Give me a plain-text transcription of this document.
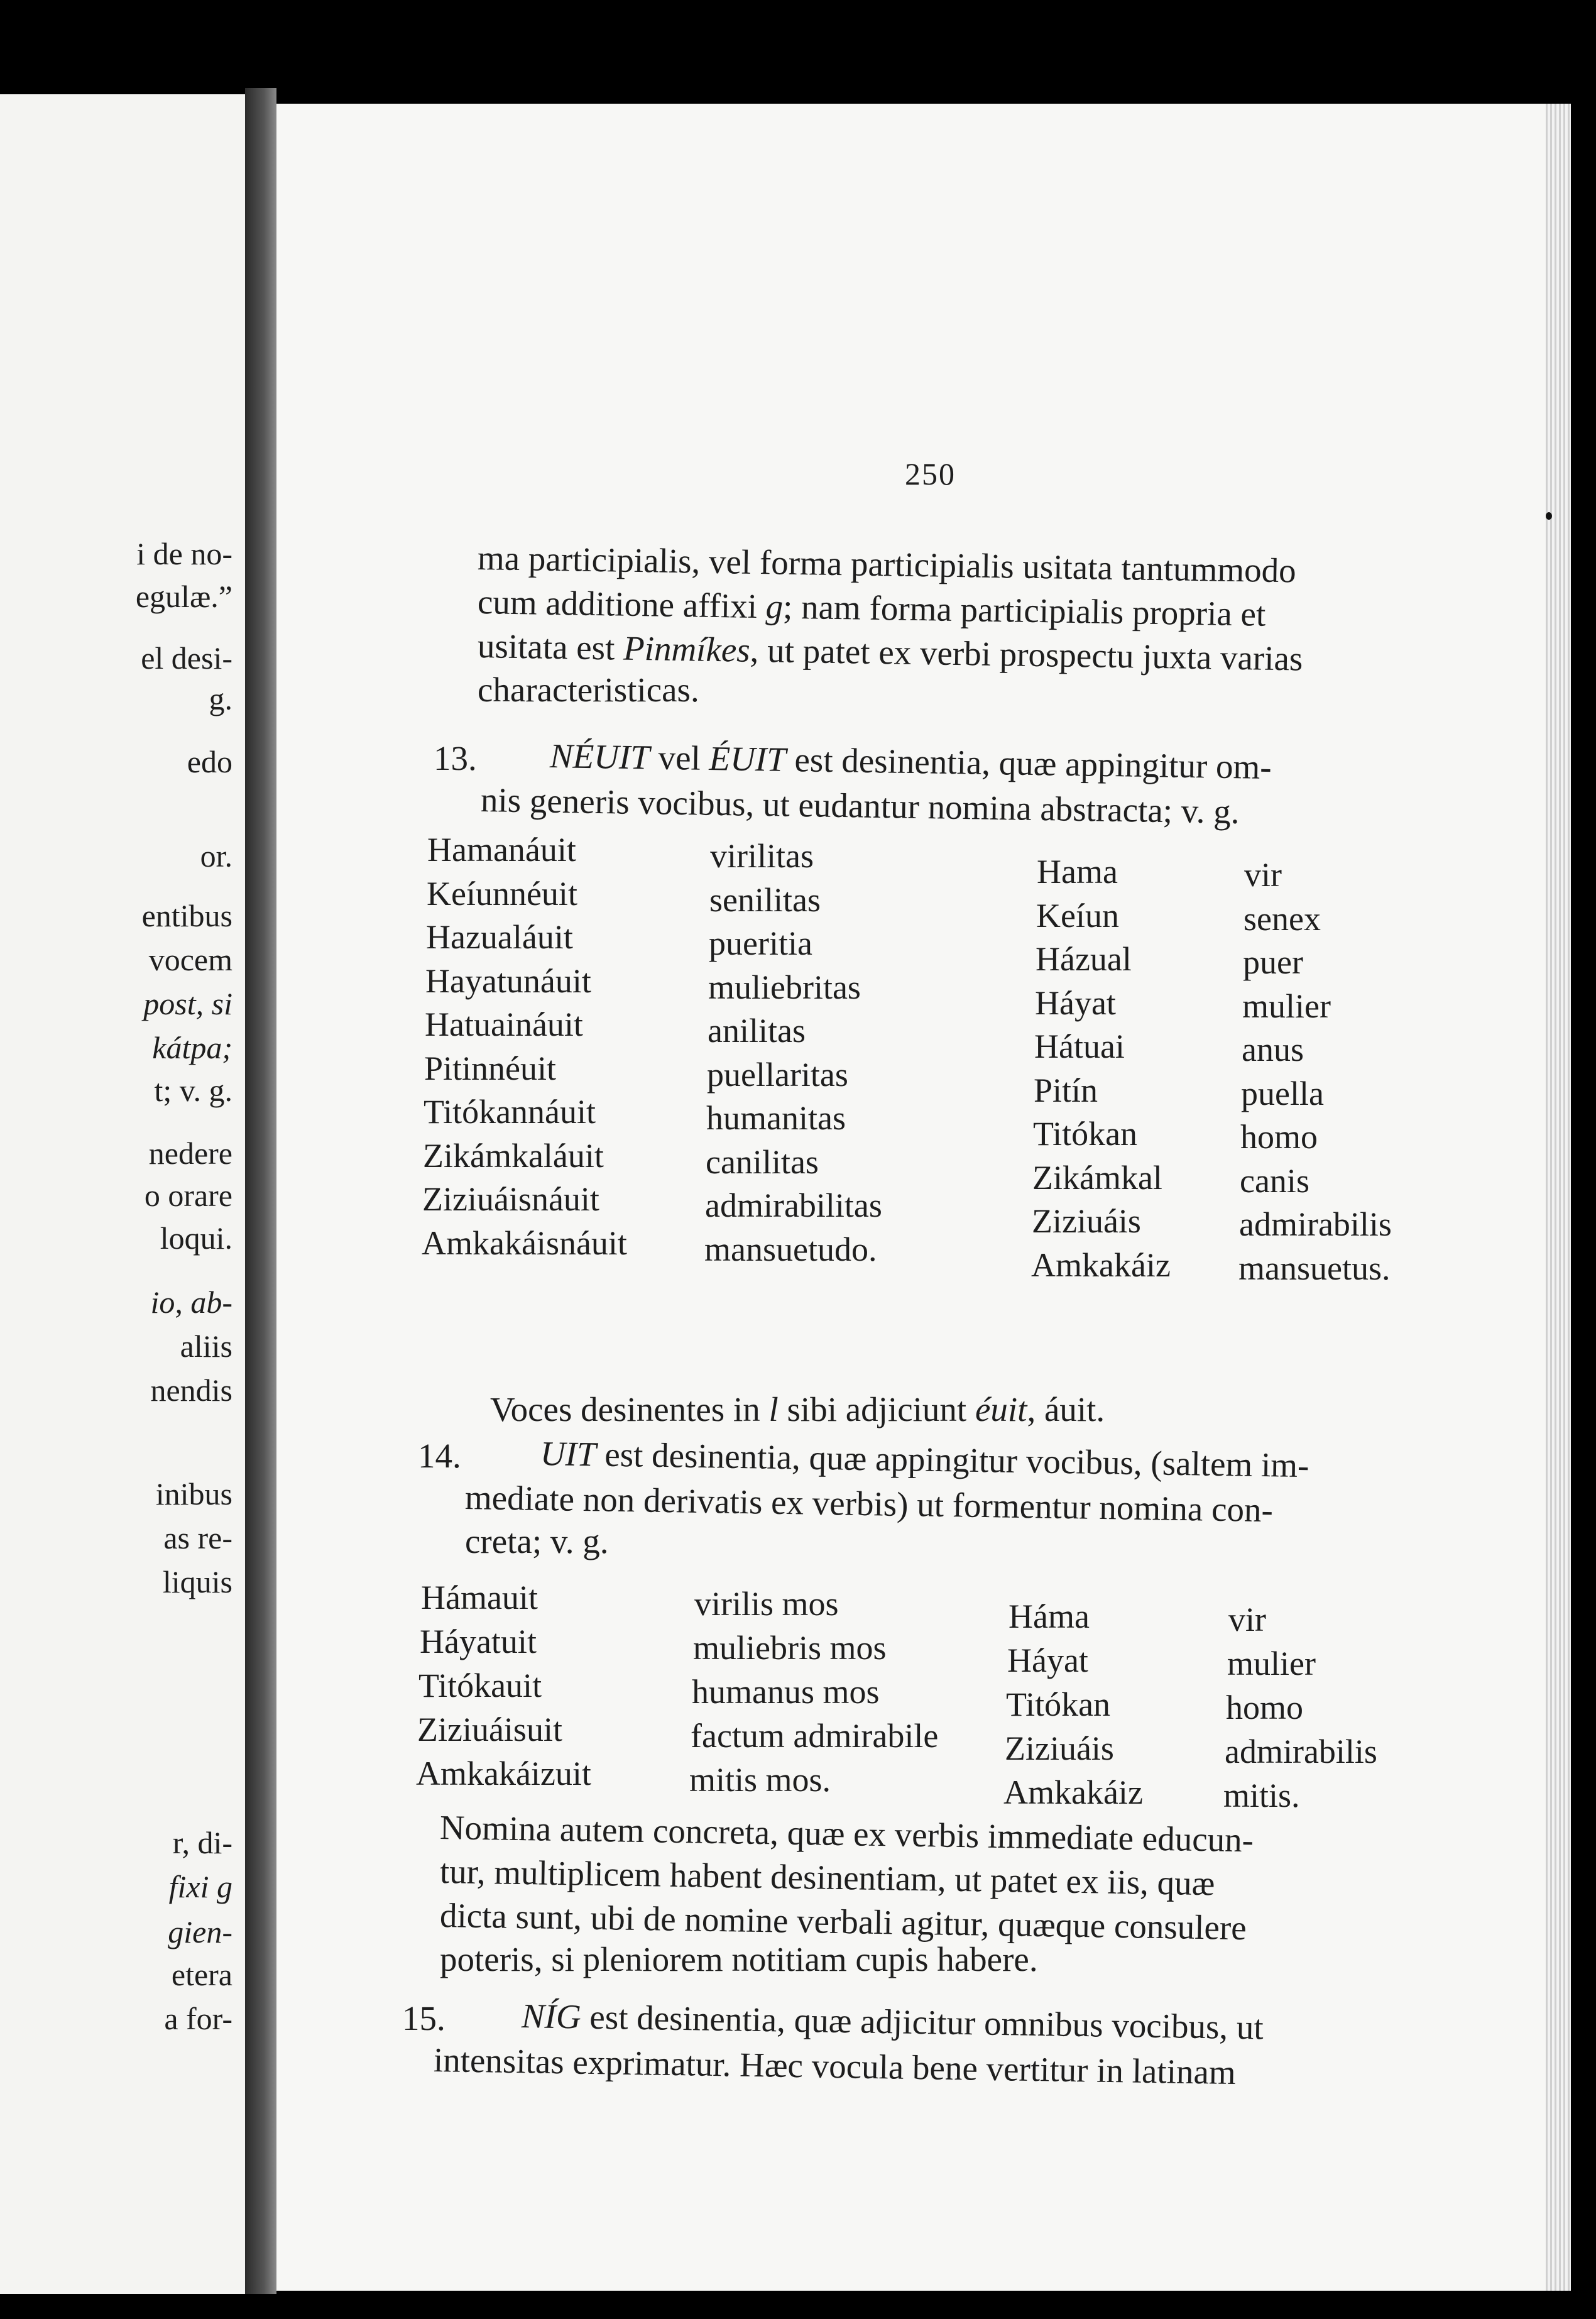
i de no-
egulæ.”
el desi-
g.
edo
or.
entibus
vocem
post, si
kátpa;
t; v. g.
nedere
o orare
loqui.
io, ab-
aliis
nendis
inibus
as re-
liquis
r, di-
fixi g
gien-
etera
a for-
250
ma participialis, vel forma participialis usitata tantummodo
cum additione affixi g; nam forma participialis propria et
usitata est Pinmíkes, ut patet ex verbi prospectu juxta varias
characteristicas.
13. NÉUIT vel ÉUIT est desinentia, quæ appingitur om-
nis generis vocibus, ut eudantur nomina abstracta; v. g.
Hamanáuit
Keíunnéuit
Hazualáuit
Hayatunáuit
Hatuaináuit
Pitinnéuit
Titókannáuit
Zikámkaláuit
Ziziuáisnáuit
Amkakáisnáuit
virilitas
senilitas
pueritia
muliebritas
anilitas
puellaritas
humanitas
canilitas
admirabilitas
mansuetudo.
Hama
Keíun
Házual
Háyat
Hátuai
Pitín
Titókan
Zikámkal
Ziziuáis
Amkakáiz
vir
senex
puer
mulier
anus
puella
homo
canis
admirabilis
mansuetus.
Voces desinentes in l sibi adjiciunt éuit, áuit.
14. UIT est desinentia, quæ appingitur vocibus, (saltem im-
mediate non derivatis ex verbis) ut formentur nomina con-
creta; v. g.
Hámauit
Háyatuit
Titókauit
Ziziuáisuit
Amkakáizuit
virilis mos
muliebris mos
humanus mos
factum admirabile
mitis mos.
Háma
Háyat
Titókan
Ziziuáis
Amkakáiz
vir
mulier
homo
admirabilis
mitis.
Nomina autem concreta, quæ ex verbis immediate educun-
tur, multiplicem habent desinentiam, ut patet ex iis, quæ
dicta sunt, ubi de nomine verbali agitur, quæque consulere
poteris, si pleniorem notitiam cupis habere.
15. NÍG est desinentia, quæ adjicitur omnibus vocibus, ut
intensitas exprimatur. Hæc vocula bene vertitur in latinam
